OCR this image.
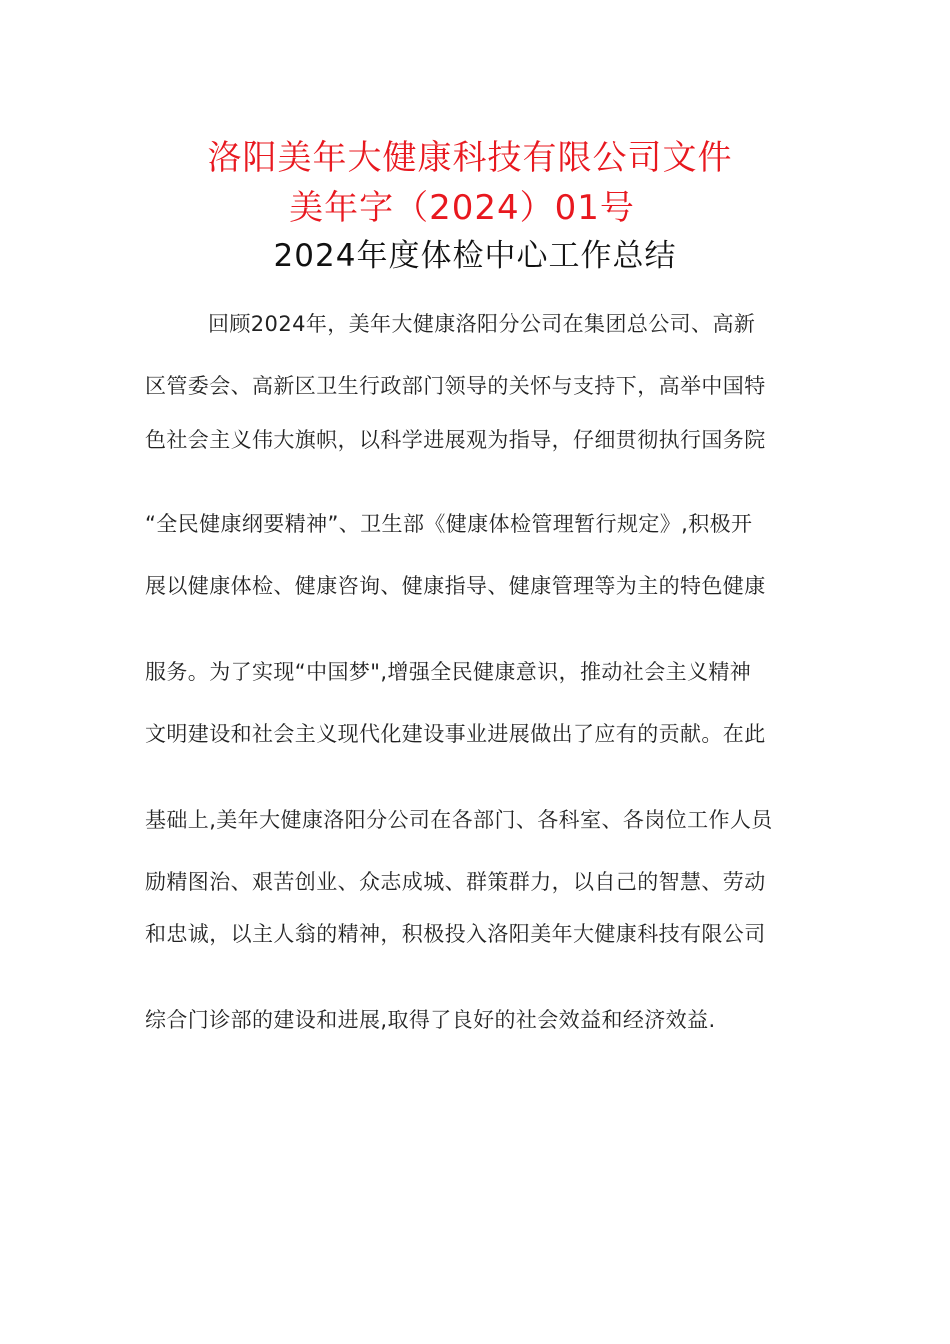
洛阳美年大健康科技有限公司文件
美年字（2024）01号
2024年度体检中心工作总结
回顾2024年，美年大健康洛阳分公司在集团总公司、高新
区管委会、高新区卫生行政部门领导的关怀与支持下，高举中国特
色社会主义伟大旗帜，以科学进展观为指导，仔细贯彻执行国务院
“全民健康纲要精神”、卫生部《健康体检管理暂行规定》,积极开
展以健康体检、健康咨询、健康指导、健康管理等为主的特色健康
服务。为了实现“中国梦",增强全民健康意识，推动社会主义精神
文明建设和社会主义现代化建设事业进展做出了应有的贡献。在此
基础上,美年大健康洛阳分公司在各部门、各科室、各岗位工作人员
励精图治、艰苦创业、众志成城、群策群力，以自己的智慧、劳动
和忠诚，以主人翁的精神，积极投入洛阳美年大健康科技有限公司
综合门诊部的建设和进展,取得了良好的社会效益和经济效益.
